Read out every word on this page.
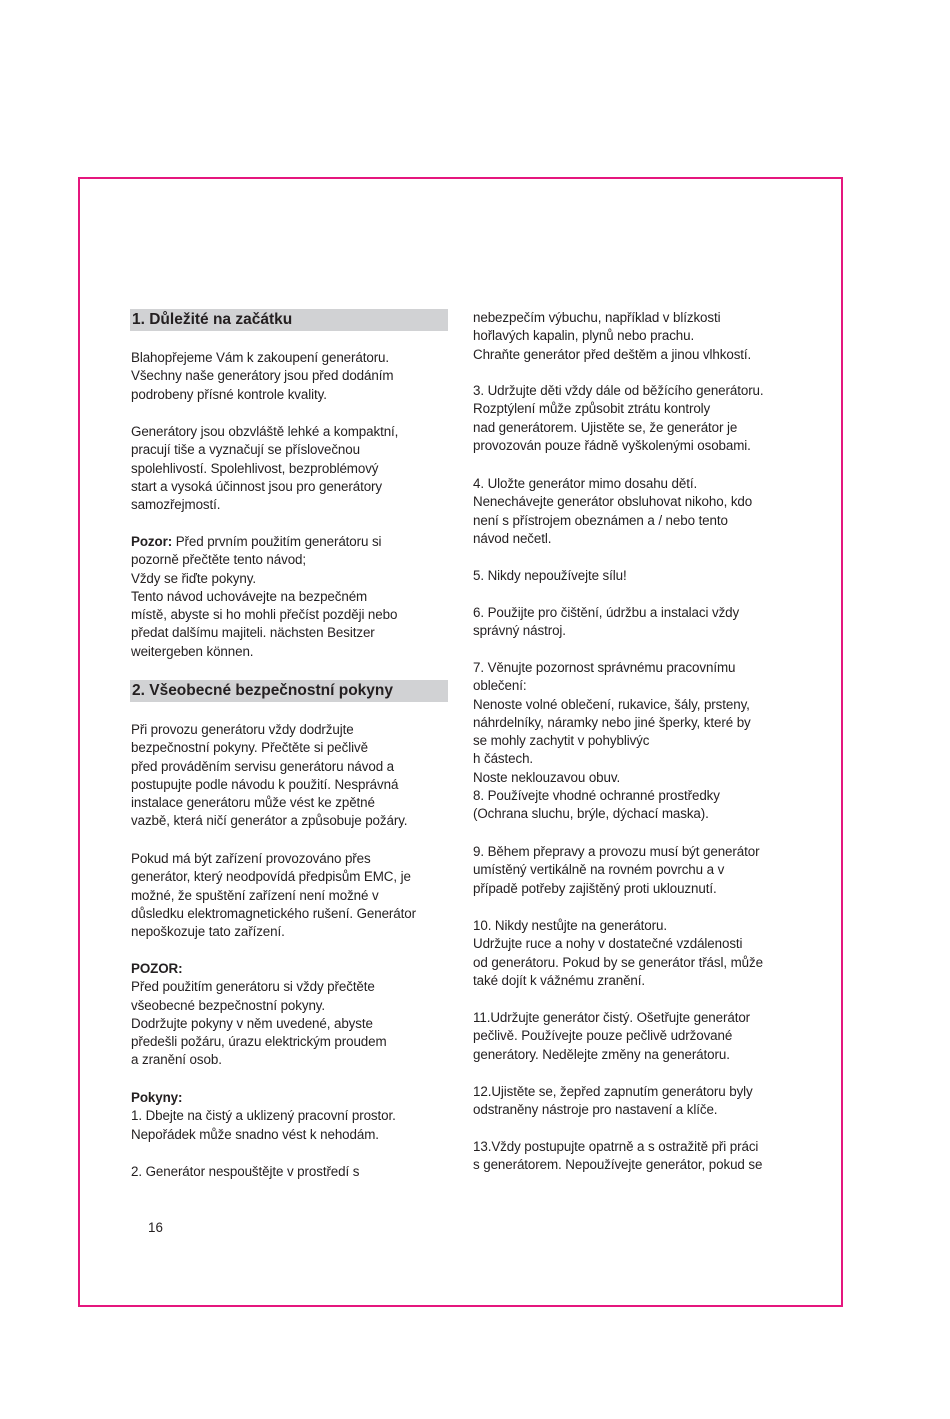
1. Důležité na začátku
Blahopřejeme Vám k zakoupení generátoru.
Všechny naše generátory jsou před dodáním
podrobeny přísné kontrole kvality.
Generátory jsou obzvláště lehké a kompaktní,
pracují tiše a vyznačují se příslovečnou
spolehlivostí. Spolehlivost, bezproblémový
start a vysoká účinnost jsou pro generátory
samozřejmostí.
Pozor: Před prvním použitím generátoru si
pozorně přečtěte tento návod;
Vždy se řiďte pokyny.
Tento návod uchovávejte na bezpečném
místě, abyste si ho mohli přečíst později nebo
předat dalšímu majiteli. nächsten Besitzer
weitergeben können.
2. Všeobecné bezpečnostní pokyny
Při provozu generátoru vždy dodržujte
bezpečnostní pokyny. Přečtěte si pečlivě
před prováděním servisu generátoru návod a
postupujte podle návodu k použití. Nesprávná
instalace generátoru může vést ke zpětné
vazbě, která ničí generátor a způsobuje požáry.
Pokud má být zařízení provozováno přes
generátor, který neodpovídá předpisům EMC, je
možné, že spuštění zařízení není možné v
důsledku elektromagnetického rušení. Generátor
nepoškozuje tato zařízení.
POZOR:
Před použitím generátoru si vždy přečtěte
všeobecné bezpečnostní pokyny.
Dodržujte pokyny v něm uvedené, abyste
předešli požáru, úrazu elektrickým proudem
a zranění osob.
Pokyny:
1. Dbejte na čistý a uklizený pracovní prostor.
Nepořádek může snadno vést k nehodám.
2. Generátor nespouštějte v prostředí s
16
nebezpečím výbuchu, například v blízkosti
hořlavých kapalin, plynů nebo prachu.
Chraňte generátor před deštěm a jinou vlhkostí.
3. Udržujte děti vždy dále od běžícího generátoru.
Rozptýlení může způsobit ztrátu kontroly
nad generátorem. Ujistěte se, že generátor je
provozován pouze řádně vyškolenými osobami.
4. Uložte generátor mimo dosahu dětí.
Nenechávejte generátor obsluhovat nikoho, kdo
není s přístrojem obeznámen a / nebo tento
návod nečetl.
5. Nikdy nepoužívejte sílu!
6. Použijte pro čištění, údržbu a instalaci vždy
správný nástroj.
7. Věnujte pozornost správnému pracovnímu
oblečení:
Nenoste volné oblečení, rukavice, šály, prsteny,
náhrdelníky, náramky nebo jiné šperky, které by
se mohly zachytit v pohyblivýc
h částech.
Noste neklouzavou obuv.
8. Používejte vhodné ochranné prostředky
(Ochrana sluchu, brýle, dýchací maska).
9. Během přepravy a provozu musí být generátor
umístěný vertikálně na rovném povrchu a v
případě potřeby zajištěný proti uklouznutí.
10. Nikdy nestůjte na generátoru.
Udržujte ruce a nohy v dostatečné vzdálenosti
od generátoru. Pokud by se generátor třásl, může
také dojít k vážnému zranění.
11.Udržujte generátor čistý. Ošetřujte generátor
pečlivě. Používejte pouze pečlivě udržované
generátory. Nedělejte změny na generátoru.
12.Ujistěte se, žepřed zapnutím generátoru byly
odstraněny nástroje pro nastavení a klíče.
13.Vždy postupujte opatrně a s ostražitě při práci
s generátorem. Nepoužívejte generátor, pokud se
